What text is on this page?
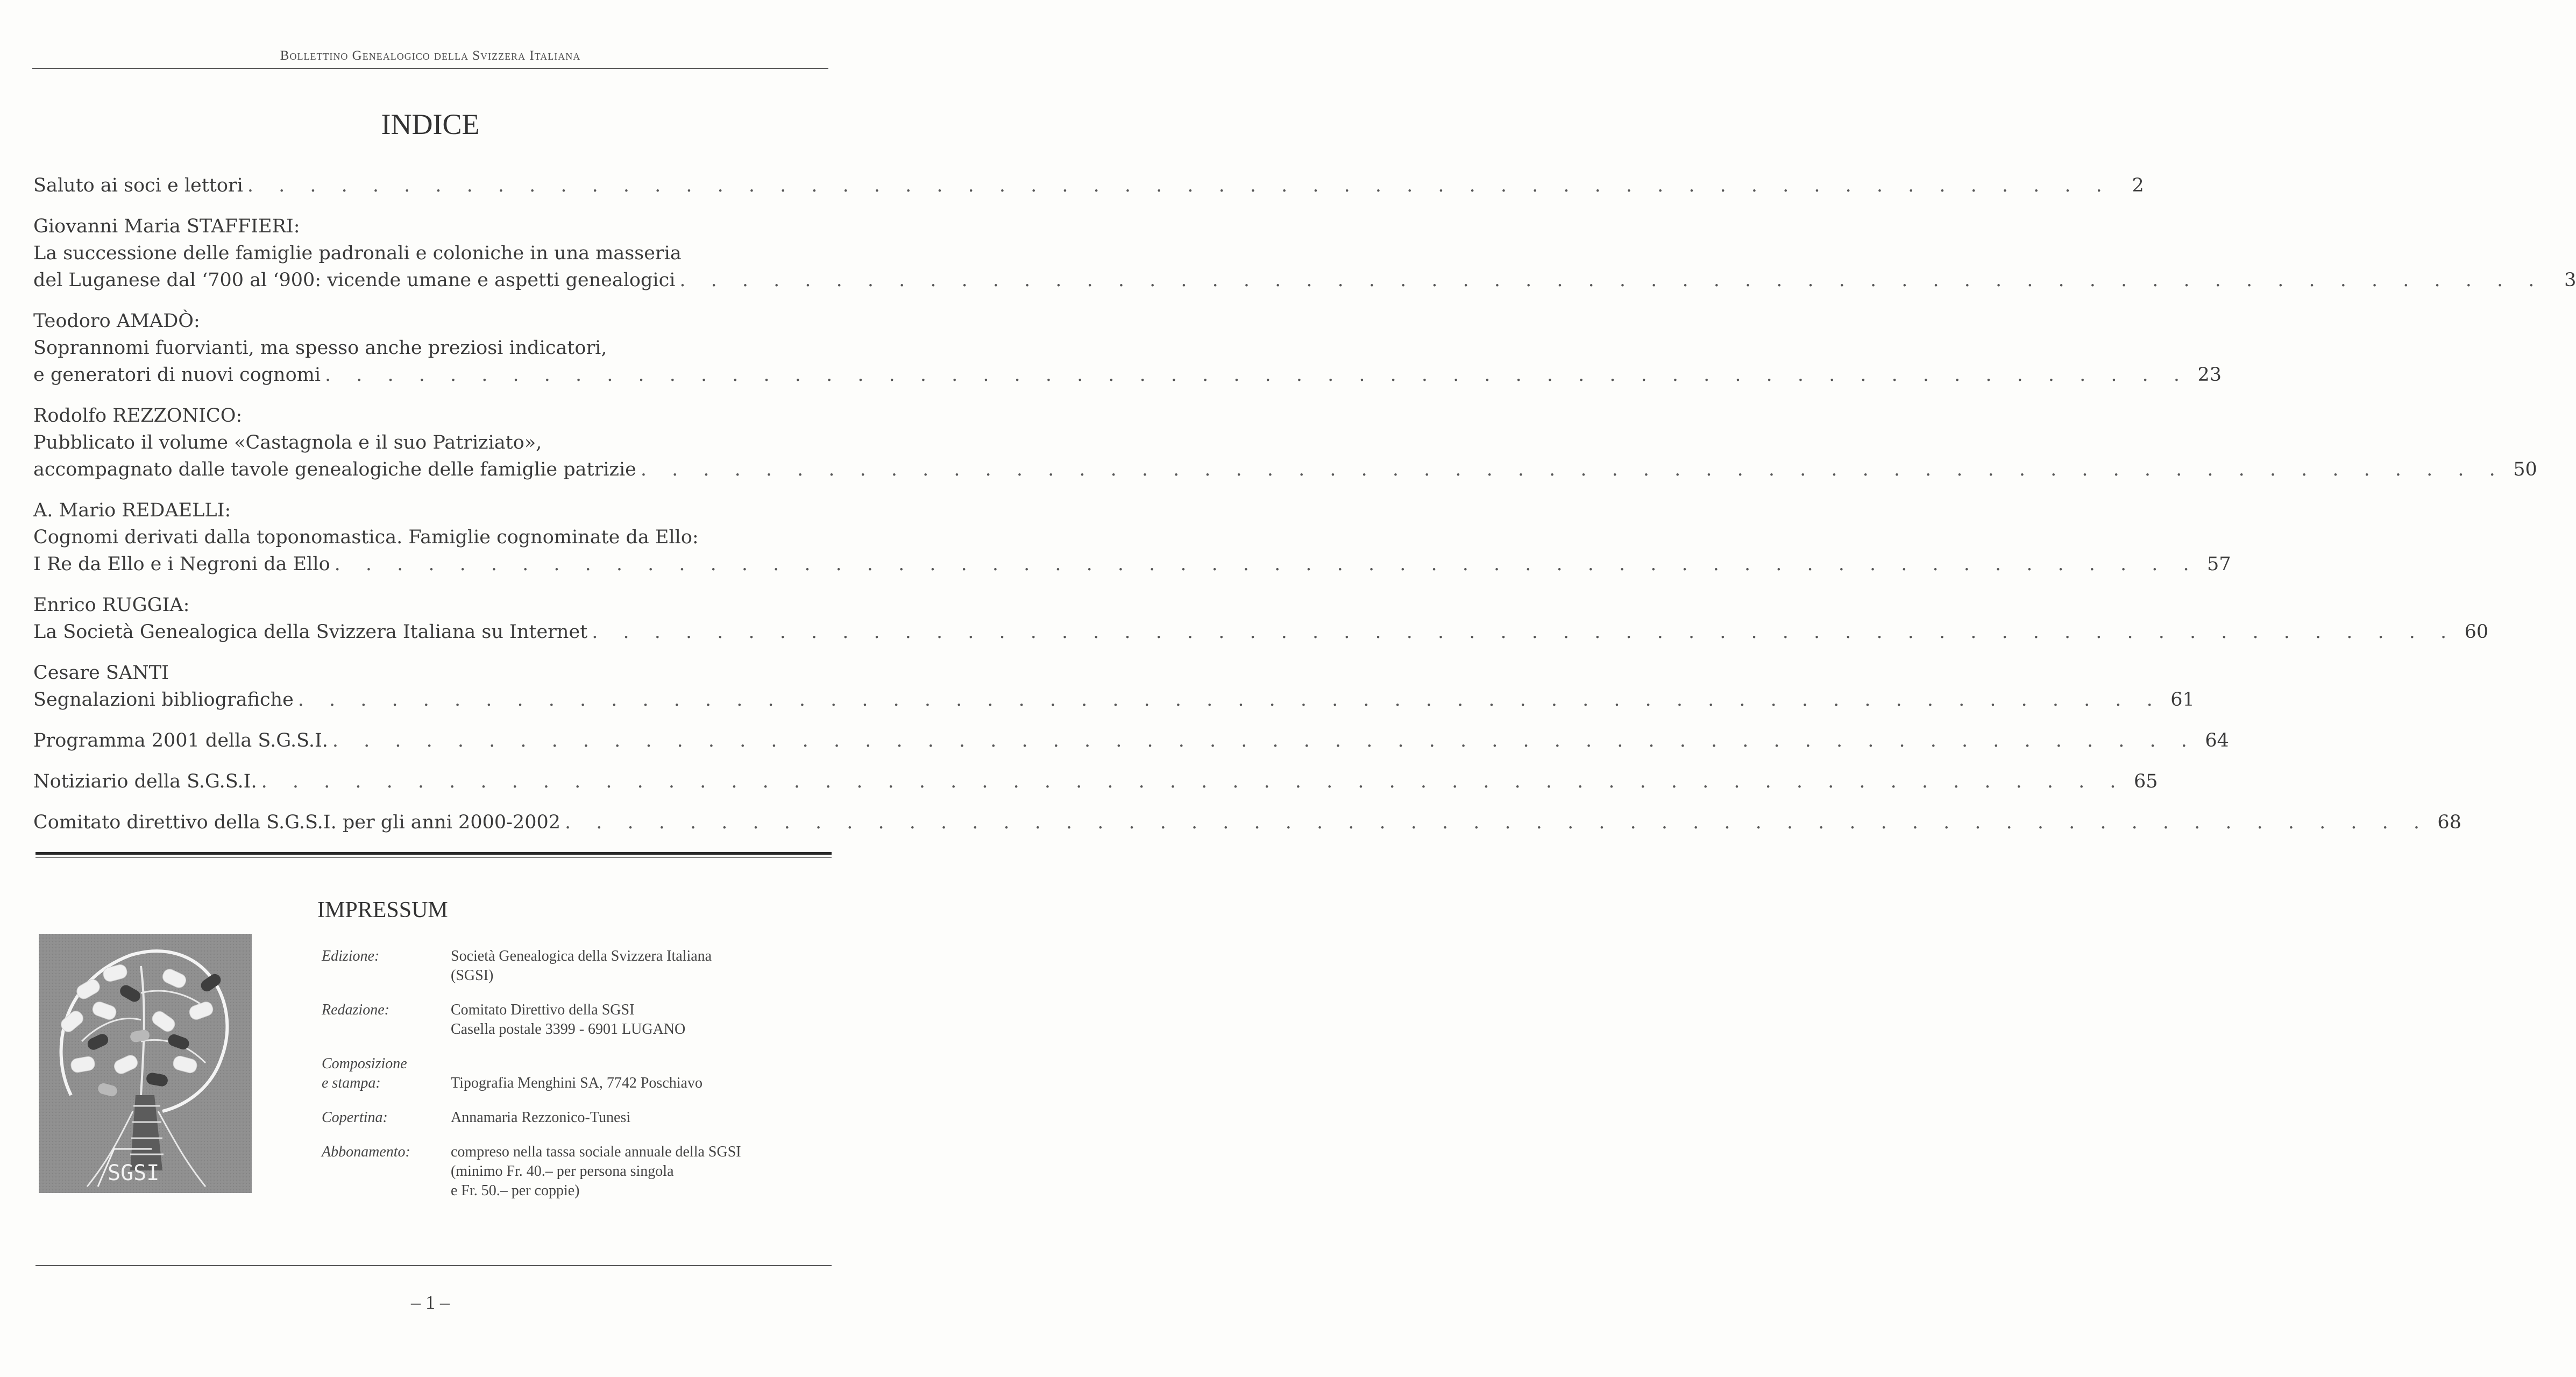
Bollettino Genealogico della Svizzera Italiana
INDICE
Saluto ai soci e lettori . . . . . . . . . . . . . . . . . . . . . . . . . . . . . . . . . . . . . . . . . . . . . . . . . . . . . . . . . . . .	2
Giovanni Maria STAFFIERI:
La successione delle famiglie padronali e coloniche in una masseria
del Luganese dal ‘700 al ‘900: vicende umane e aspetti genealogici . . . . . . . . . . . . . . . . . . . . . . . . . . . . . . . . . . . . . . . . . . . . . . . . . . . . . . . . . . . .	3
Teodoro AMADÒ:
Soprannomi fuorvianti, ma spesso anche preziosi indicatori,
e generatori di nuovi cognomi . . . . . . . . . . . . . . . . . . . . . . . . . . . . . . . . . . . . . . . . . . . . . . . . . . . . . . . . . . . . 23
Rodolfo REZZONICO:
Pubblicato il volume «Castagnola e il suo Patriziato»,
accompagnato dalle tavole genealogiche delle famiglie patrizie . . . . . . . . . . . . . . . . . . . . . . . . . . . . . . . . . . . . . . . . . . . . . . . . . . . . . . . . . . . . 50
A. Mario REDAELLI:
Cognomi derivati dalla toponomastica. Famiglie cognominate da Ello:
I Re da Ello e i Negroni da Ello . . . . . . . . . . . . . . . . . . . . . . . . . . . . . . . . . . . . . . . . . . . . . . . . . . . . . . . . . . . . 57
Enrico RUGGIA:
La Società Genealogica della Svizzera Italiana su Internet . . . . . . . . . . . . . . . . . . . . . . . . . . . . . . . . . . . . . . . . . . . . . . . . . . . . . . . . . . . . 60
Cesare SANTI
Segnalazioni bibliografiche . . . . . . . . . . . . . . . . . . . . . . . . . . . . . . . . . . . . . . . . . . . . . . . . . . . . . . . . . . . . 61
Programma 2001 della S.G.S.I. . . . . . . . . . . . . . . . . . . . . . . . . . . . . . . . . . . . . . . . . . . . . . . . . . . . . . . . . . . . . 64
Notiziario della S.G.S.I. . . . . . . . . . . . . . . . . . . . . . . . . . . . . . . . . . . . . . . . . . . . . . . . . . . . . . . . . . . . . 65
Comitato direttivo della S.G.S.I. per gli anni 2000-2002 . . . . . . . . . . . . . . . . . . . . . . . . . . . . . . . . . . . . . . . . . . . . . . . . . . . . . . . . . . . . 68
IMPRESSUM
SGSI
Edizione:	Società Genealogica della Svizzera Italiana
(SGSI)
Redazione:	Comitato Direttivo della SGSI
Casella postale 3399 - 6901 LUGANO
Composizione
e stampa:
	Tipografia Menghini SA, 7742 Poschiavo
Copertina:	Annamaria Rezzonico-Tunesi
Abbonamento:	compreso nella tassa sociale annuale della SGSI
(minimo Fr. 40.– per persona singola
e Fr. 50.– per coppie)
– 1 –
